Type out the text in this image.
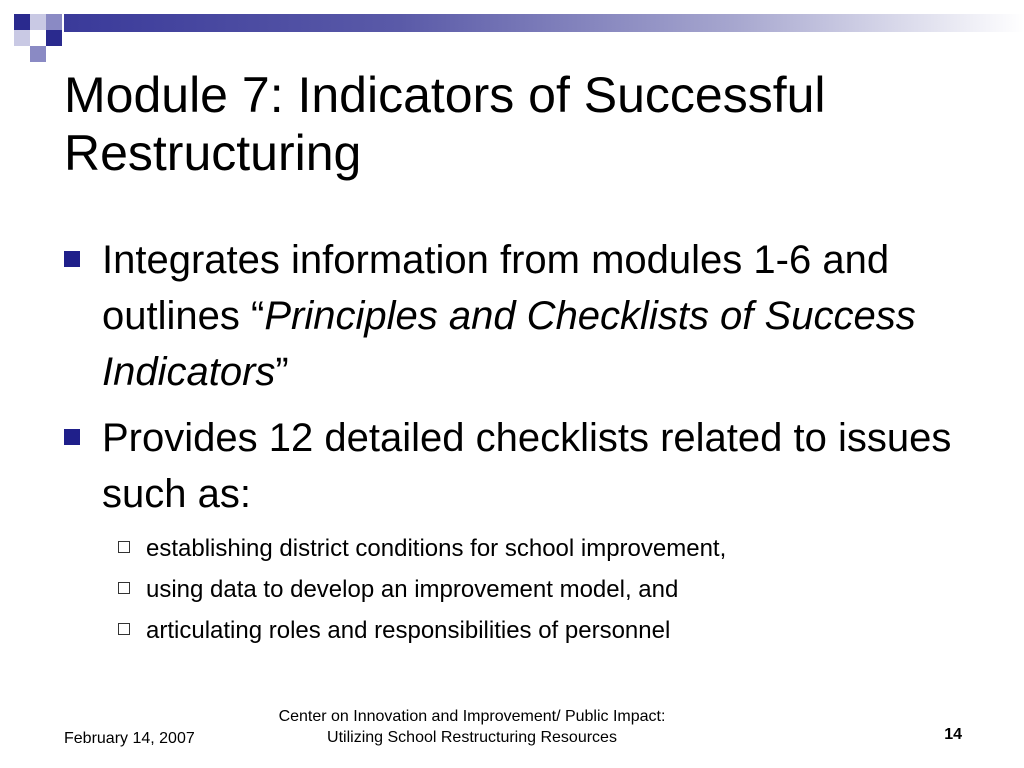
Module 7: Indicators of Successful Restructuring
Integrates information from modules 1-6 and outlines “Principles and Checklists of Success Indicators”
Provides 12 detailed checklists related to issues such as:
establishing district conditions for school improvement,
using data to develop an improvement model, and
articulating roles and responsibilities of personnel
February 14, 2007
Center on Innovation and Improvement/ Public Impact:
Utilizing School Restructuring Resources	14
